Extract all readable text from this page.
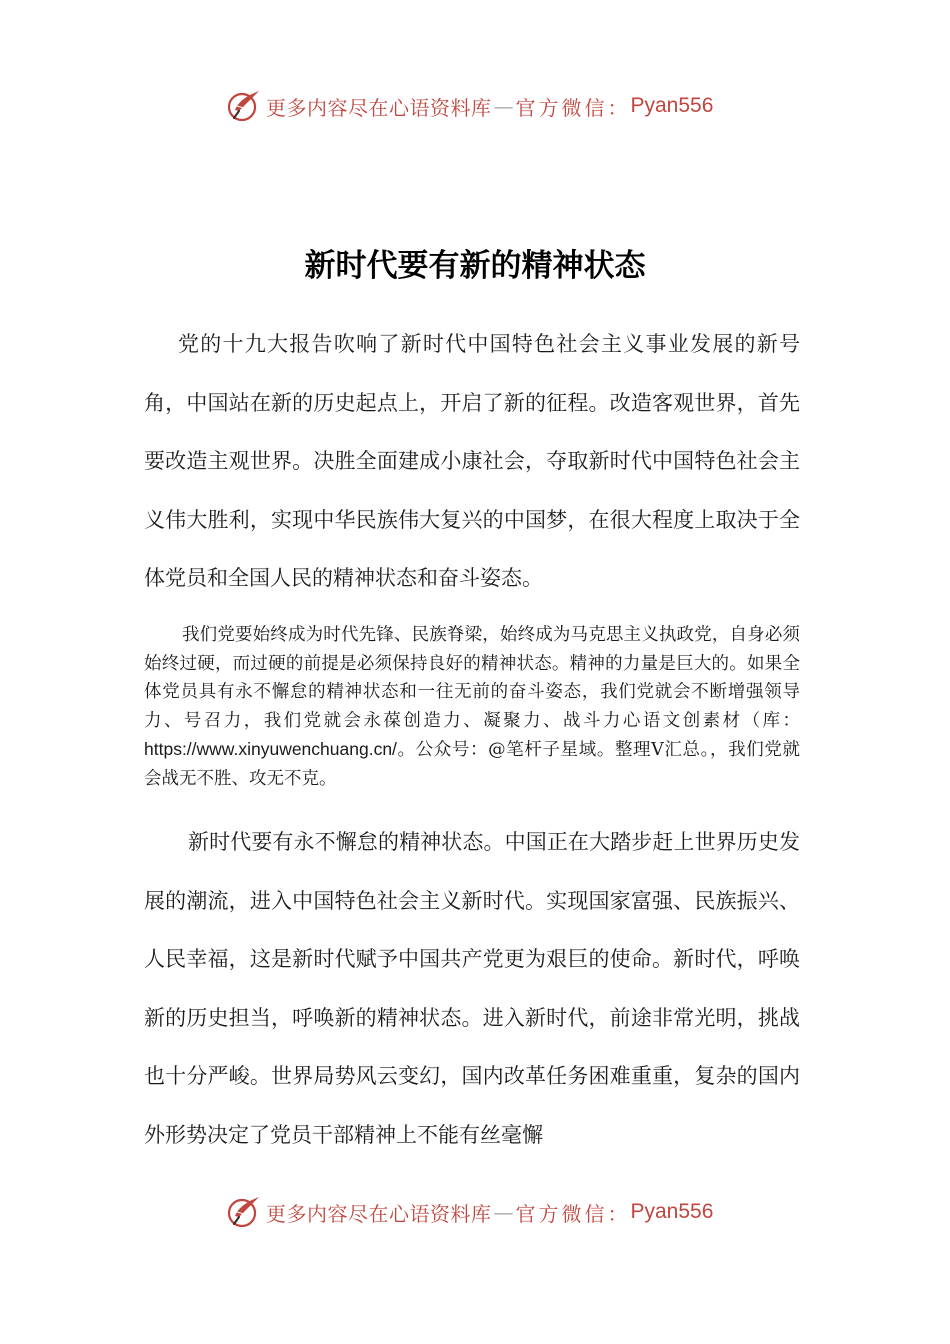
更多内容尽在心语资料库 — 官方微信： Pyan556
新时代要有新的精神状态

党的十九大报告吹响了新时代中国特色社会主义事业发展的新号角，中国站在新的历史起点上，开启了新的征程。改造客观世界，首先要改造主观世界。决胜全面建成小康社会，夺取新时代中国特色社会主义伟大胜利，实现中华民族伟大复兴的中国梦，在很大程度上取决于全体党员和全国人民的精神状态和奋斗姿态。

我们党要始终成为时代先锋、民族脊梁，始终成为马克思主义执政党，自身必须始终过硬，而过硬的前提是必须保持良好的精神状态。精神的力量是巨大的。如果全体党员具有永不懈怠的精神状态和一往无前的奋斗姿态，我们党就会不断增强领导力、号召力，我们党就会永葆创造力、凝聚力、战斗力心语文创素材（库：https://www.xinyuwenchuang.cn/。公众号：@笔杆子星域。整理V汇总。，我们党就会战无不胜、攻无不克。

新时代要有永不懈怠的精神状态。中国正在大踏步赶上世界历史发展的潮流，进入中国特色社会主义新时代。实现国家富强、民族振兴、人民幸福，这是新时代赋予中国共产党更为艰巨的使命。新时代，呼唤新的历史担当，呼唤新的精神状态。进入新时代，前途非常光明，挑战也十分严峻。世界局势风云变幻，国内改革任务困难重重，复杂的国内外形势决定了党员干部精神上不能有丝毫懈

更多内容尽在心语资料库 — 官方微信： Pyan556
